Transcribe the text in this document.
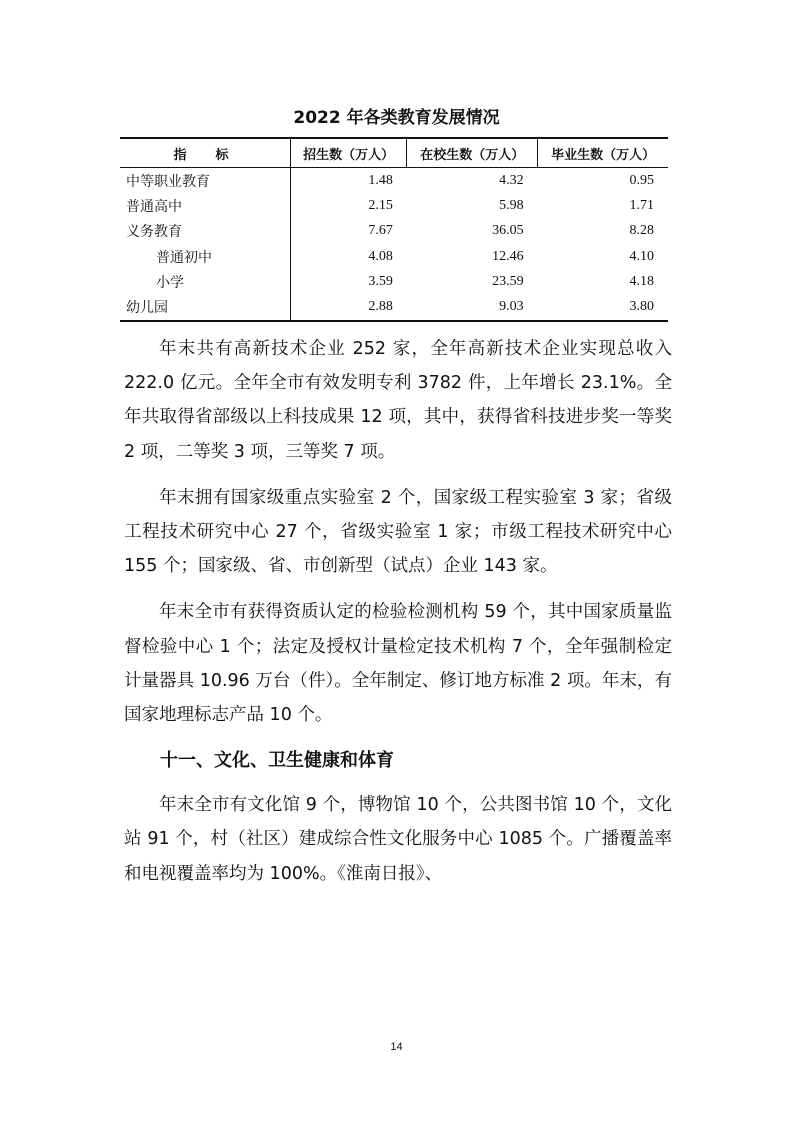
2022 年各类教育发展情况
指　标	招生数（万人）	在校生数（万人）	毕业生数（万人）
中等职业教育	1.48	4.32	0.95
普通高中	2.15	5.98	1.71
义务教育	7.67	36.05	8.28
普通初中	4.08	12.46	4.10
小学	3.59	23.59	4.18
幼儿园	2.88	9.03	3.80

年末共有高新技术企业 252 家，全年高新技术企业实现总收入 222.0 亿元。全年全市有效发明专利 3782 件，上年增长 23.1%。全年共取得省部级以上科技成果 12 项，其中，获得省科技进步奖一等奖 2 项，二等奖 3 项，三等奖 7 项。

年末拥有国家级重点实验室 2 个，国家级工程实验室 3 家；省级工程技术研究中心 27 个，省级实验室 1 家；市级工程技术研究中心 155 个；国家级、省、市创新型（试点）企业 143 家。

年末全市有获得资质认定的检验检测机构 59 个，其中国家质量监督检验中心 1 个；法定及授权计量检定技术机构 7 个，全年强制检定计量器具 10.96 万台（件）。全年制定、修订地方标准 2 项。年末，有国家地理标志产品 10 个。

十一、文化、卫生健康和体育

年末全市有文化馆 9 个，博物馆 10 个，公共图书馆 10 个，文化站 91 个，村（社区）建成综合性文化服务中心 1085 个。广播覆盖率和电视覆盖率均为 100%。《淮南日报》、

14
